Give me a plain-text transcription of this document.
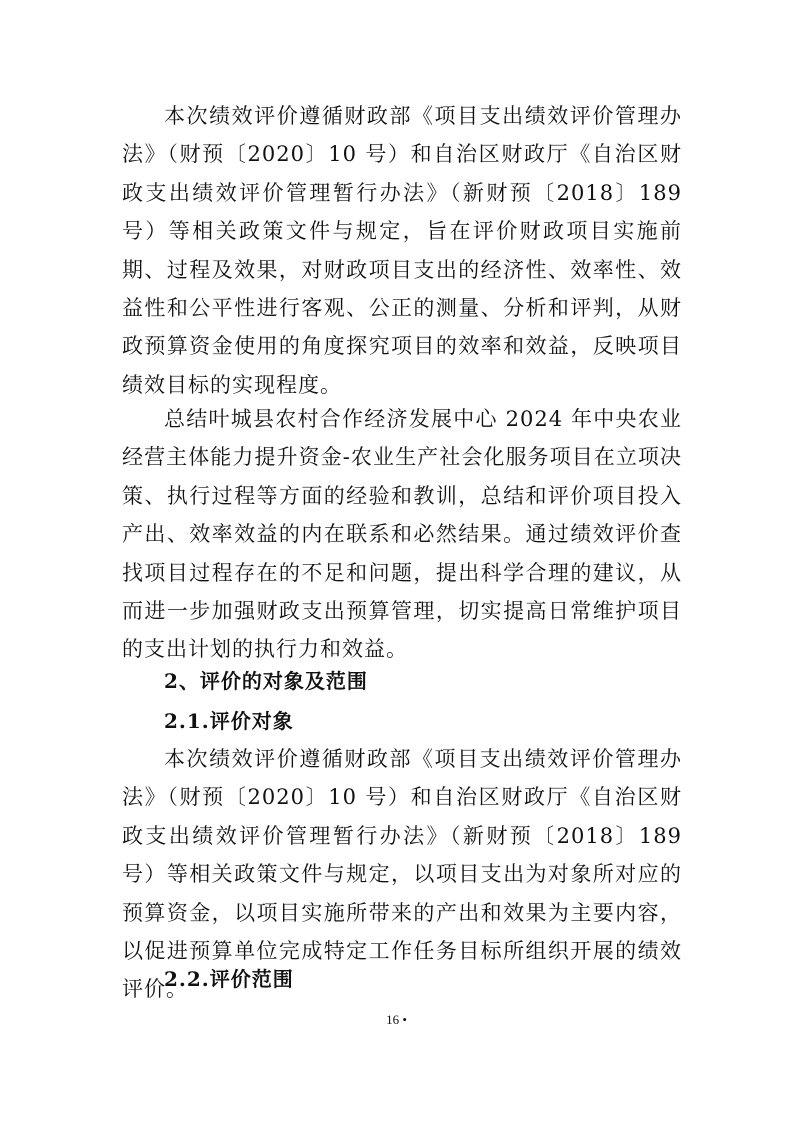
本次绩效评价遵循财政部《项目支出绩效评价管理办法》（财预〔2020〕10 号）和自治区财政厅《自治区财政支出绩效评价管理暂行办法》（新财预〔2018〕189 号）等相关政策文件与规定，旨在评价财政项目实施前期、过程及效果，对财政项目支出的经济性、效率性、效益性和公平性进行客观、公正的测量、分析和评判，从财政预算资金使用的角度探究项目的效率和效益，反映项目绩效目标的实现程度。

总结叶城县农村合作经济发展中心 2024 年中央农业经营主体能力提升资金-农业生产社会化服务项目在立项决策、执行过程等方面的经验和教训，总结和评价项目投入产出、效率效益的内在联系和必然结果。通过绩效评价查找项目过程存在的不足和问题，提出科学合理的建议，从而进一步加强财政支出预算管理，切实提高日常维护项目的支出计划的执行力和效益。

2、评价的对象及范围
2.1.评价对象

本次绩效评价遵循财政部《项目支出绩效评价管理办法》（财预〔2020〕10 号）和自治区财政厅《自治区财政支出绩效评价管理暂行办法》（新财预〔2018〕189 号）等相关政策文件与规定，以项目支出为对象所对应的预算资金，以项目实施所带来的产出和效果为主要内容，以促进预算单位完成特定工作任务目标所组织开展的绩效评价。

2.2.评价范围
16 •
